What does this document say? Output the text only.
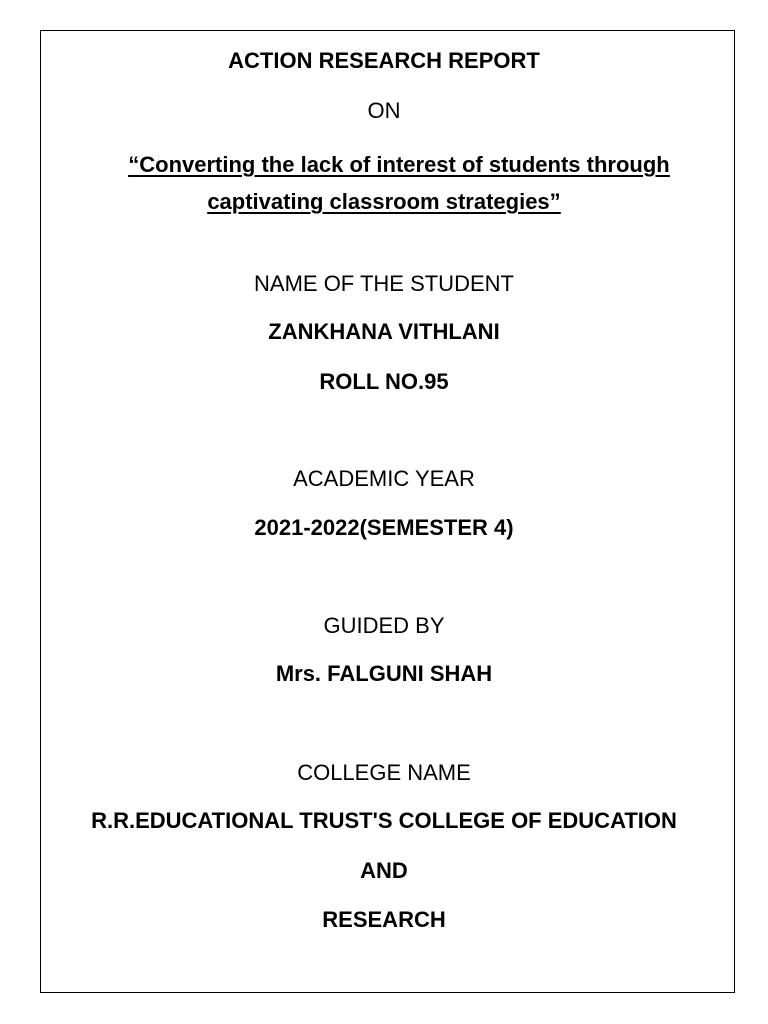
ACTION RESEARCH REPORT
ON
“Converting the lack of interest of students through
captivating classroom strategies”
NAME OF THE STUDENT
ZANKHANA VITHLANI
ROLL NO.95
ACADEMIC YEAR
2021-2022(SEMESTER 4)
GUIDED BY
Mrs. FALGUNI SHAH
COLLEGE NAME
R.R.EDUCATIONAL TRUST'S COLLEGE OF EDUCATION
AND
RESEARCH
